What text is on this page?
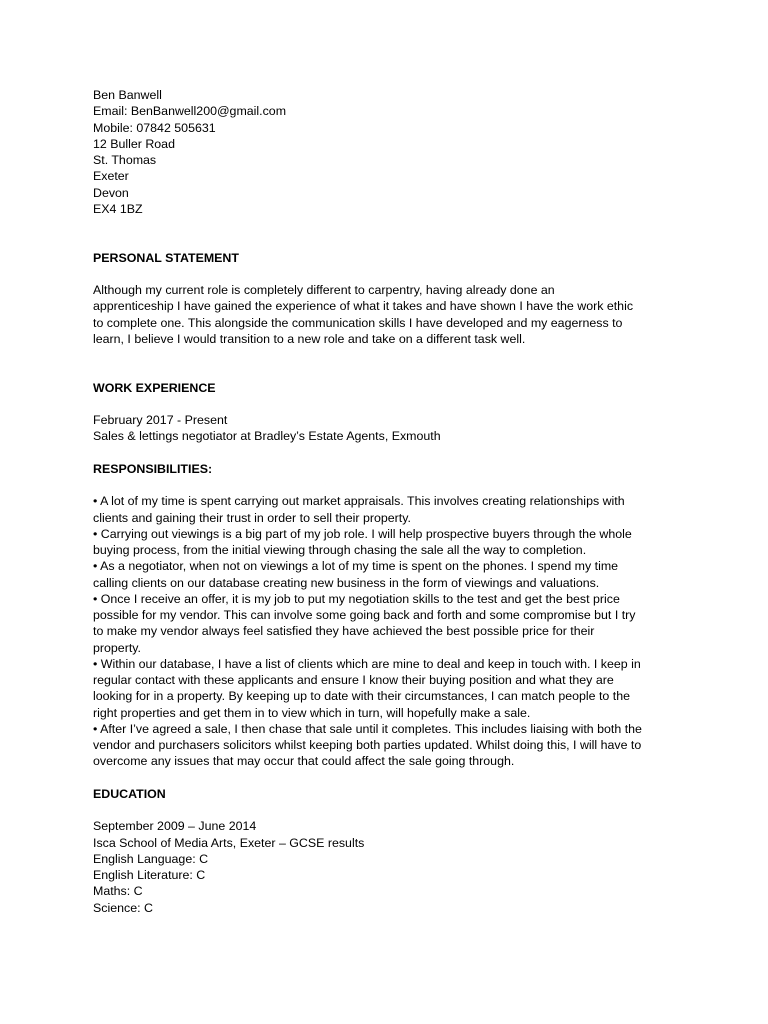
Ben Banwell
Email: BenBanwell200@gmail.com
Mobile: 07842 505631
12 Buller Road
St. Thomas
Exeter
Devon
EX4 1BZ
PERSONAL STATEMENT
Although my current role is completely different to carpentry, having already done an
apprenticeship I have gained the experience of what it takes and have shown I have the work ethic
to complete one. This alongside the communication skills I have developed and my eagerness to
learn, I believe I would transition to a new role and take on a different task well.
WORK EXPERIENCE
February 2017 - Present
Sales & lettings negotiator at Bradley’s Estate Agents, Exmouth
RESPONSIBILITIES:
• A lot of my time is spent carrying out market appraisals. This involves creating relationships with
clients and gaining their trust in order to sell their property.
• Carrying out viewings is a big part of my job role. I will help prospective buyers through the whole
buying process, from the initial viewing through chasing the sale all the way to completion.
• As a negotiator, when not on viewings a lot of my time is spent on the phones. I spend my time
calling clients on our database creating new business in the form of viewings and valuations.
• Once I receive an offer, it is my job to put my negotiation skills to the test and get the best price
possible for my vendor. This can involve some going back and forth and some compromise but I try
to make my vendor always feel satisfied they have achieved the best possible price for their
property.
• Within our database, I have a list of clients which are mine to deal and keep in touch with. I keep in
regular contact with these applicants and ensure I know their buying position and what they are
looking for in a property. By keeping up to date with their circumstances, I can match people to the
right properties and get them in to view which in turn, will hopefully make a sale.
• After I’ve agreed a sale, I then chase that sale until it completes. This includes liaising with both the
vendor and purchasers solicitors whilst keeping both parties updated. Whilst doing this, I will have to
overcome any issues that may occur that could affect the sale going through.
EDUCATION
September 2009 – June 2014
Isca School of Media Arts, Exeter – GCSE results
English Language: C
English Literature: C
Maths: C
Science: C
